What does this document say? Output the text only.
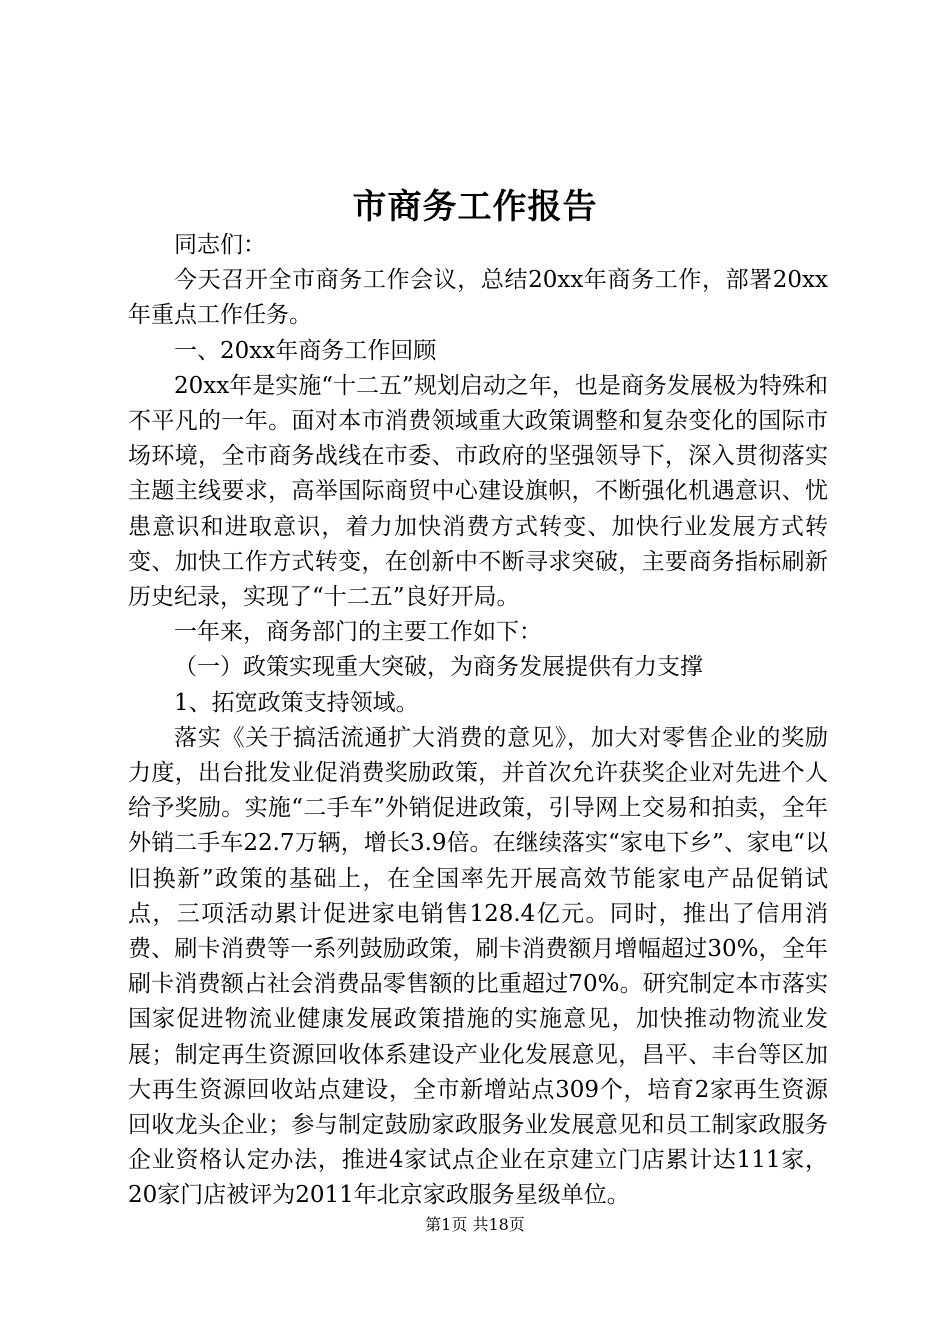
市商务工作报告

同志们：

今天召开全市商务工作会议，总结20xx年商务工作，部署20xx年重点工作任务。

一、20xx年商务工作回顾

20xx年是实施“十二五”规划启动之年，也是商务发展极为特殊和不平凡的一年。面对本市消费领域重大政策调整和复杂变化的国际市场环境，全市商务战线在市委、市政府的坚强领导下，深入贯彻落实主题主线要求，高举国际商贸中心建设旗帜，不断强化机遇意识、忧患意识和进取意识，着力加快消费方式转变、加快行业发展方式转变、加快工作方式转变，在创新中不断寻求突破，主要商务指标刷新历史纪录，实现了“十二五”良好开局。

一年来，商务部门的主要工作如下：

（一）政策实现重大突破，为商务发展提供有力支撑

1、拓宽政策支持领域。

落实《关于搞活流通扩大消费的意见》，加大对零售企业的奖励力度，出台批发业促消费奖励政策，并首次允许获奖企业对先进个人给予奖励。实施“二手车”外销促进政策，引导网上交易和拍卖，全年外销二手车22.7万辆，增长3.9倍。在继续落实“家电下乡”、家电“以旧换新”政策的基础上，在全国率先开展高效节能家电产品促销试点，三项活动累计促进家电销售128.4亿元。同时，推出了信用消费、刷卡消费等一系列鼓励政策，刷卡消费额月增幅超过30%，全年刷卡消费额占社会消费品零售额的比重超过70%。研究制定本市落实国家促进物流业健康发展政策措施的实施意见，加快推动物流业发展；制定再生资源回收体系建设产业化发展意见，昌平、丰台等区加大再生资源回收站点建设，全市新增站点309个，培育2家再生资源回收龙头企业；参与制定鼓励家政服务业发展意见和员工制家政服务企业资格认定办法，推进4家试点企业在京建立门店累计达111家，20家门店被评为2011年北京家政服务星级单位。

第1页 共18页
